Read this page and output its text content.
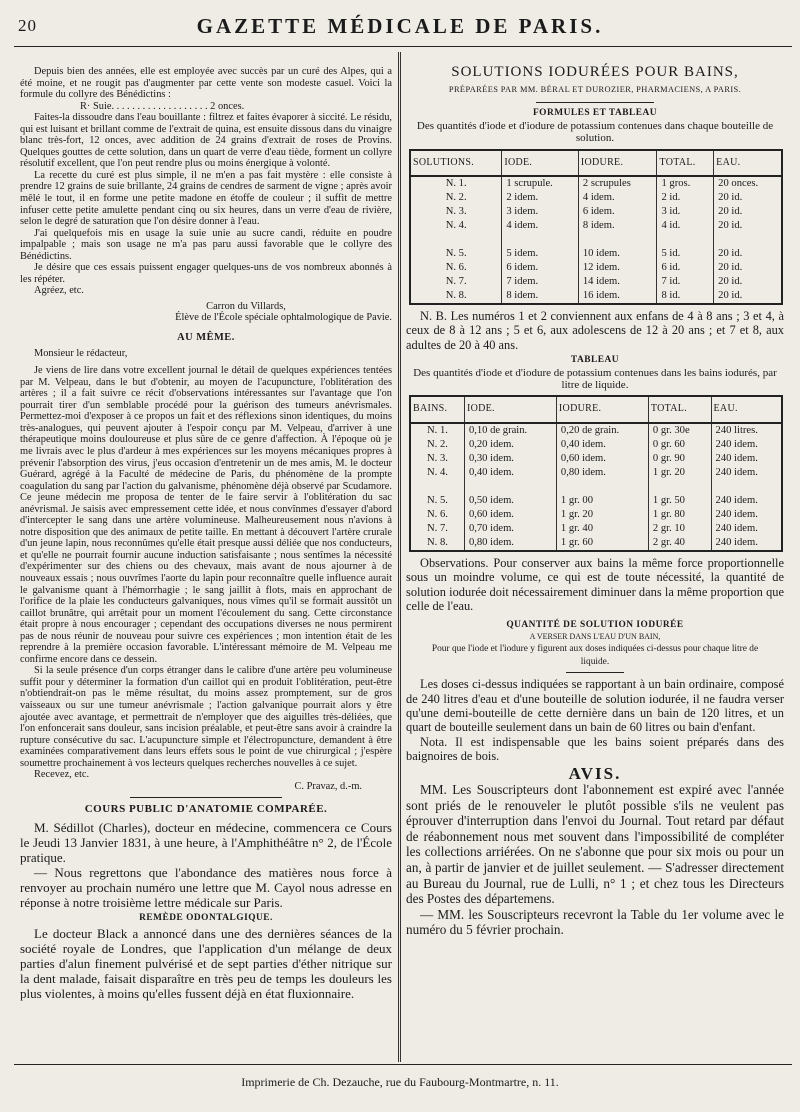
20	GAZETTE MÉDICALE DE PARIS.

Depuis bien des années, elle est employée avec succès par un curé des Alpes, qui a été moine, et ne rougit pas d'augmenter par cette vente son modeste casuel. Voici la formule du collyre des Bénédictins :

R· Suie. . . . . . . . . . . . . . . . . . . 2 onces.

Faites-la dissoudre dans l'eau bouillante : filtrez et faites évaporer à siccité. Le résidu, qui est luisant et brillant comme de l'extrait de quina, est ensuite dissous dans du vinaigre blanc très-fort, 12 onces, avec addition de 24 grains d'extrait de roses de Provins. Quelques gouttes de cette solution, dans un quart de verre d'eau tiède, forment un collyre résolutif excellent, que l'on peut rendre plus ou moins énergique à volonté.

La recette du curé est plus simple, il ne m'en a pas fait mystère : elle consiste à prendre 12 grains de suie brillante, 24 grains de cendres de sarment de vigne ; après avoir mêlé le tout, il en forme une petite madone en étoffe de couleur ; il suffit de mettre infuser cette petite amulette pendant cinq ou six heures, dans un verre d'eau de rivière, selon le degré de saturation que l'on désire donner à l'eau.

J'ai quelquefois mis en usage la suie unie au sucre candi, réduite en poudre impalpable ; mais son usage ne m'a pas paru aussi favorable que le collyre des Bénédictins.

Je désire que ces essais puissent engager quelques-uns de vos nombreux abonnés à les répéter.

Agréez, etc.

Carron du Villards,

Élève de l'École spéciale ophtalmologique de Pavie.

AU MÊME.

Monsieur le rédacteur,

Je viens de lire dans votre excellent journal le détail de quelques expériences tentées par M. Velpeau, dans le but d'obtenir, au moyen de l'acupuncture, l'oblitération des artères ; il a fait suivre ce récit d'observations intéressantes sur l'avantage que l'on pourrait tirer d'un semblable procédé pour la guérison des tumeurs anévrismales. Permettez-moi d'exposer à ce propos un fait et des réflexions sinon identiques, du moins très-analogues, qui peuvent ajouter à l'espoir conçu par M. Velpeau, d'arriver à une thérapeutique moins douloureuse et plus sûre de ce genre d'affection. À l'époque où je me livrais avec le plus d'ardeur à mes expériences sur les moyens mécaniques propres à prévenir l'absorption des virus, j'eus occasion d'entretenir un de mes amis, M. le docteur Guérard, agrégé à la Faculté de médecine de Paris, du phénomène de la prompte coagulation du sang par l'action du galvanisme, phénomène déjà observé par Scudamore. Ce jeune médecin me proposa de tenter de le faire servir à l'oblitération du sac anévrismal. Je saisis avec empressement cette idée, et nous convînmes d'essayer d'abord d'intercepter le sang dans une artère volumineuse. Malheureusement nous n'avions à notre disposition que des animaux de petite taille. En mettant à découvert l'artère crurale d'un jeune lapin, nous reconnûmes qu'elle était presque aussi déliée que nos conducteurs, et qu'elle ne pourrait fournir aucune induction satisfaisante ; nous sentîmes la nécessité d'expérimenter sur des chiens ou des chevaux, mais avant de nous ajourner à de nouveaux essais ; nous ouvrîmes l'aorte du lapin pour reconnaître quelle influence aurait le galvanisme quant à l'hémorrhagie ; le sang jaillit à flots, mais en approchant de l'orifice de la plaie les conducteurs galvaniques, nous vîmes qu'il se formait aussitôt un caillot brunâtre, qui arrêtait pour un moment l'écoulement du sang. Cette circonstance était propre à nous encourager ; cependant des occupations diverses ne nous permirent pas de nous réunir de nouveau pour suivre ces expériences ; mon intention était de les reprendre à la première occasion favorable. L'intéressant mémoire de M. Velpeau me confirme encore dans ce dessein.

Si la seule présence d'un corps étranger dans le calibre d'une artère peu volumineuse suffit pour y déterminer la formation d'un caillot qui en produit l'oblitération, peut-être n'obtiendrait-on pas le même résultat, du moins assez promptement, sur de gros vaisseaux ou sur une tumeur anévrismale ; l'action galvanique pourrait alors y être ajoutée avec avantage, et permettrait de n'employer que des aiguilles très-déliées, que l'on enfoncerait sans douleur, sans incision préalable, et peut-être sans avoir à craindre la rupture consécutive du sac. L'acupuncture simple et l'électropuncture, demandent à être examinées comparativement dans leurs effets sous le point de vue chirurgical ; j'espère soumettre prochainement à vos lecteurs quelques recherches nouvelles à ce sujet.

Recevez, etc.

C. Pravaz, d.-m.

COURS PUBLIC D'ANATOMIE COMPARÉE.

M. Sédillot (Charles), docteur en médecine, commencera ce Cours le Jeudi 13 Janvier 1831, à une heure, à l'Amphithéâtre n° 2, de l'École pratique.

— Nous regrettons que l'abondance des matières nous force à renvoyer au prochain numéro une lettre que M. Cayol nous adresse en réponse à notre troisième lettre médicale sur Paris.

REMÈDE ODONTALGIQUE.

Le docteur Black a annoncé dans une des dernières séances de la société royale de Londres, que l'application d'un mélange de deux parties d'alun finement pulvérisé et de sept parties d'éther nitrique sur la dent malade, faisait disparaître en très peu de temps les douleurs les plus violentes, à moins qu'elles fussent déjà en état fluxionnaire.

SOLUTIONS IODURÉES POUR BAINS,

PRÉPARÉES PAR MM. BÉRAL ET DUROZIER, PHARMACIENS, A PARIS.

FORMULES ET TABLEAU

Des quantités d'iode et d'iodure de potassium contenues dans chaque bouteille de solution.

SOLUTIONS.	IODE.	IODURE.	TOTAL.	EAU.
N. 1.	1 scrupule.	2 scrupules	1 gros.	20 onces.
N. 2.	2 idem.	4 idem.	2 id.	20 id.
N. 3.	3 idem.	6 idem.	3 id.	20 id.
N. 4.	4 idem.	8 idem.	4 id.	20 id.

N. 5.	5 idem.	10 idem.	5 id.	20 id.
N. 6.	6 idem.	12 idem.	6 id.	20 id.
N. 7.	7 idem.	14 idem.	7 id.	20 id.
N. 8.	8 idem.	16 idem.	8 id.	20 id.

N. B. Les numéros 1 et 2 conviennent aux enfans de 4 à 8 ans ; 3 et 4, à ceux de 8 à 12 ans ; 5 et 6, aux adolescens de 12 à 20 ans ; et 7 et 8, aux adultes de 20 à 40 ans.

TABLEAU

Des quantités d'iode et d'iodure de potassium contenues dans les bains iodurés, par litre de liquide.

BAINS.	IODE.	IODURE.	TOTAL.	EAU.
N. 1.	0,10 de grain.	0,20 de grain.	0 gr. 30e	240 litres.
N. 2.	0,20 idem.	0,40 idem.	0 gr. 60	240 idem.
N. 3.	0,30 idem.	0,60 idem.	0 gr. 90	240 idem.
N. 4.	0,40 idem.	0,80 idem.	1 gr. 20	240 idem.

N. 5.	0,50 idem.	1 gr. 00	1 gr. 50	240 idem.
N. 6.	0,60 idem.	1 gr. 20	1 gr. 80	240 idem.
N. 7.	0,70 idem.	1 gr. 40	2 gr. 10	240 idem.
N. 8.	0,80 idem.	1 gr. 60	2 gr. 40	240 idem.

Observations. Pour conserver aux bains la même force proportionnelle sous un moindre volume, ce qui est de toute nécessité, la quantité de solution iodurée doit nécessairement diminuer dans la même proportion que celle de l'eau.

QUANTITÉ DE SOLUTION IODURÉE

A VERSER DANS L'EAU D'UN BAIN,

Pour que l'iode et l'iodure y figurent aux doses indiquées ci-dessus pour chaque litre de liquide.

Les doses ci-dessus indiquées se rapportant à un bain ordinaire, composé de 240 litres d'eau et d'une bouteille de solution iodurée, il ne faudra verser qu'une demi-bouteille de cette dernière dans un bain de 120 litres, et un quart de bouteille seulement dans un bain de 60 litres ou bain d'enfant.

Nota. Il est indispensable que les bains soient préparés dans des baignoires de bois.

AVIS.

MM. Les Souscripteurs dont l'abonnement est expiré avec l'année sont priés de le renouveler le plutôt possible s'ils ne veulent pas éprouver d'interruption dans l'envoi du Journal. Tout retard par défaut de réabonnement nous met souvent dans l'impossibilité de compléter les collections arriérées. On ne s'abonne que pour six mois ou pour un an, à partir de janvier et de juillet seulement. — S'adresser directement au Bureau du Journal, rue de Lulli, n° 1 ; et chez tous les Directeurs des Postes des départemens.

— MM. les Souscripteurs recevront la Table du 1er volume avec le numéro du 5 février prochain.

Imprimerie de Ch. Dezauche, rue du Faubourg-Montmartre, n. 11.
